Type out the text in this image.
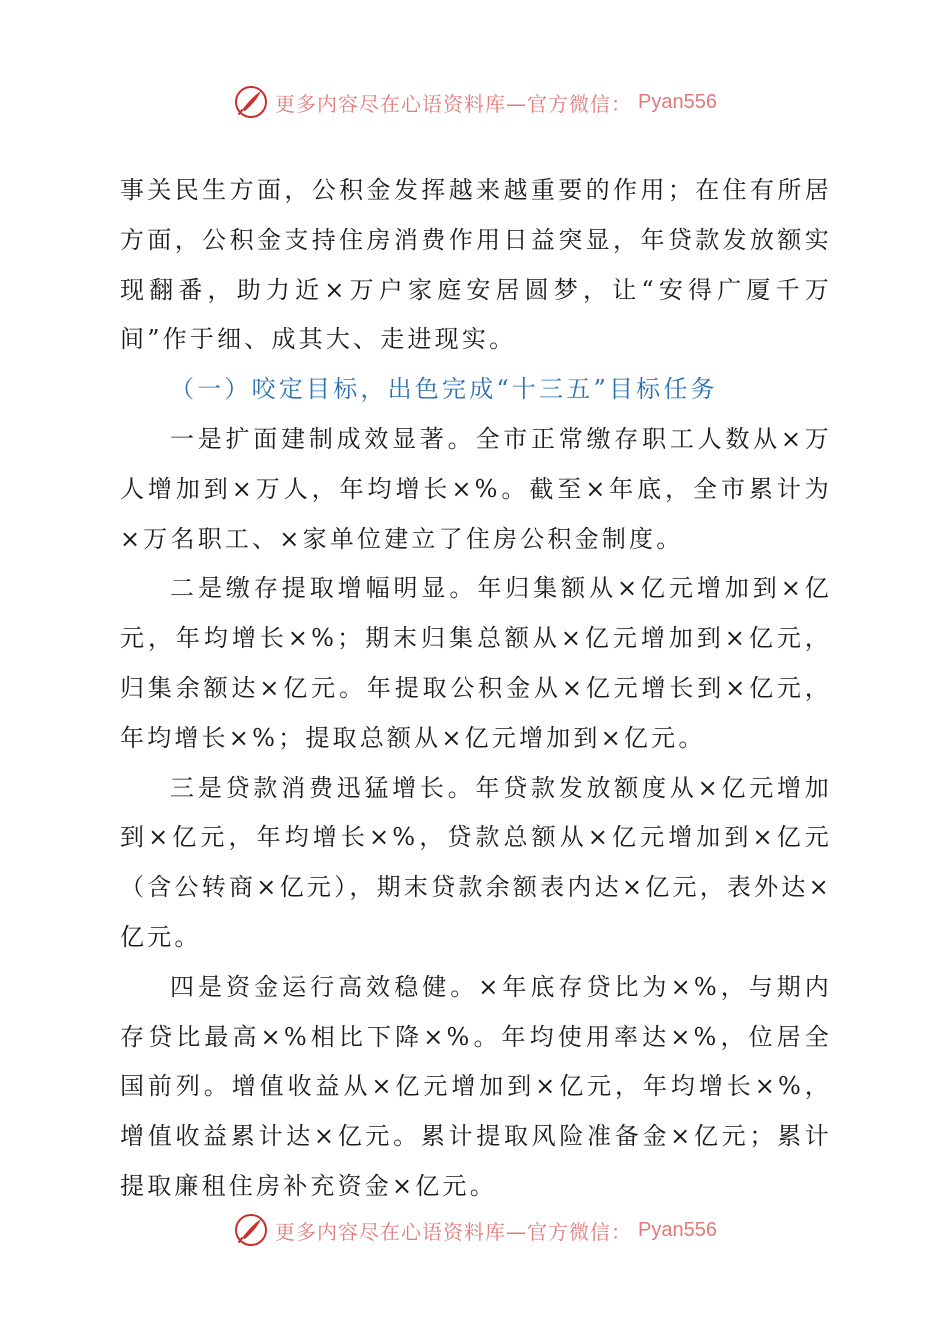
更多内容尽在心语资料库—官方微信： Pyan556

事关民生方面，公积金发挥越来越重要的作用；在住有所居方面，公积金支持住房消费作用日益突显，年贷款发放额实现翻番，助力近×万户家庭安居圆梦，让“安得广厦千万间”作于细、成其大、走进现实。

（一）咬定目标，出色完成“十三五”目标任务

一是扩面建制成效显著。全市正常缴存职工人数从×万人增加到×万人，年均增长×%。截至×年底，全市累计为×万名职工、×家单位建立了住房公积金制度。

二是缴存提取增幅明显。年归集额从×亿元增加到×亿元，年均增长×%；期末归集总额从×亿元增加到×亿元，归集余额达×亿元。年提取公积金从×亿元增长到×亿元，年均增长×%；提取总额从×亿元增加到×亿元。

三是贷款消费迅猛增长。年贷款发放额度从×亿元增加到×亿元，年均增长×%，贷款总额从×亿元增加到×亿元（含公转商×亿元），期末贷款余额表内达×亿元，表外达×亿元。

四是资金运行高效稳健。×年底存贷比为×%，与期内存贷比最高×%相比下降×%。年均使用率达×%，位居全国前列。增值收益从×亿元增加到×亿元，年均增长×%，增值收益累计达×亿元。累计提取风险准备金×亿元；累计提取廉租住房补充资金×亿元。

更多内容尽在心语资料库—官方微信： Pyan556
